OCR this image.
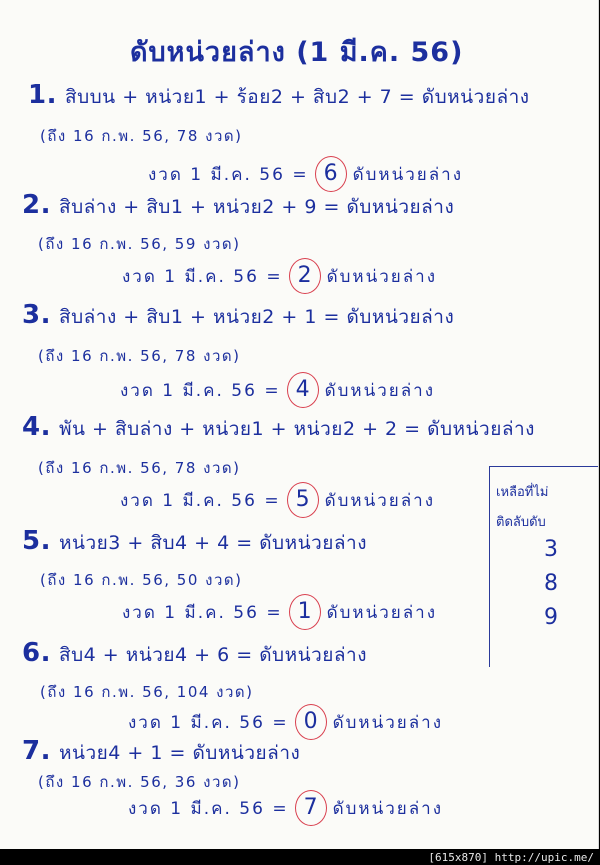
ดับหน่วยล่าง (1 มี.ค. 56)
1. สิบบน + หน่วย1 + ร้อย2 + สิบ2 + 7 = ดับหน่วยล่าง
(ถึง 16 ก.พ. 56, 78 งวด)
งวด 1 มี.ค. 56 = 6 ดับหน่วยล่าง
2. สิบล่าง + สิบ1 + หน่วย2 + 9 = ดับหน่วยล่าง
(ถึง 16 ก.พ. 56, 59 งวด)
งวด 1 มี.ค. 56 = 2 ดับหน่วยล่าง
3. สิบล่าง + สิบ1 + หน่วย2 + 1 = ดับหน่วยล่าง
(ถึง 16 ก.พ. 56, 78 งวด)
งวด 1 มี.ค. 56 = 4 ดับหน่วยล่าง
4. พัน + สิบล่าง + หน่วย1 + หน่วย2 + 2 = ดับหน่วยล่าง
(ถึง 16 ก.พ. 56, 78 งวด)
งวด 1 มี.ค. 56 = 5 ดับหน่วยล่าง
5. หน่วย3 + สิบ4 + 4 = ดับหน่วยล่าง
(ถึง 16 ก.พ. 56, 50 งวด)
งวด 1 มี.ค. 56 = 1 ดับหน่วยล่าง
6. สิบ4 + หน่วย4 + 6 = ดับหน่วยล่าง
(ถึง 16 ก.พ. 56, 104 งวด)
งวด 1 มี.ค. 56 = 0 ดับหน่วยล่าง
7. หน่วย4 + 1 = ดับหน่วยล่าง
(ถึง 16 ก.พ. 56, 36 งวด)
งวด 1 มี.ค. 56 = 7 ดับหน่วยล่าง
เหลือที่ไม่
ติดลับดับ
3
8
9
[615x870] http://upic.me/
